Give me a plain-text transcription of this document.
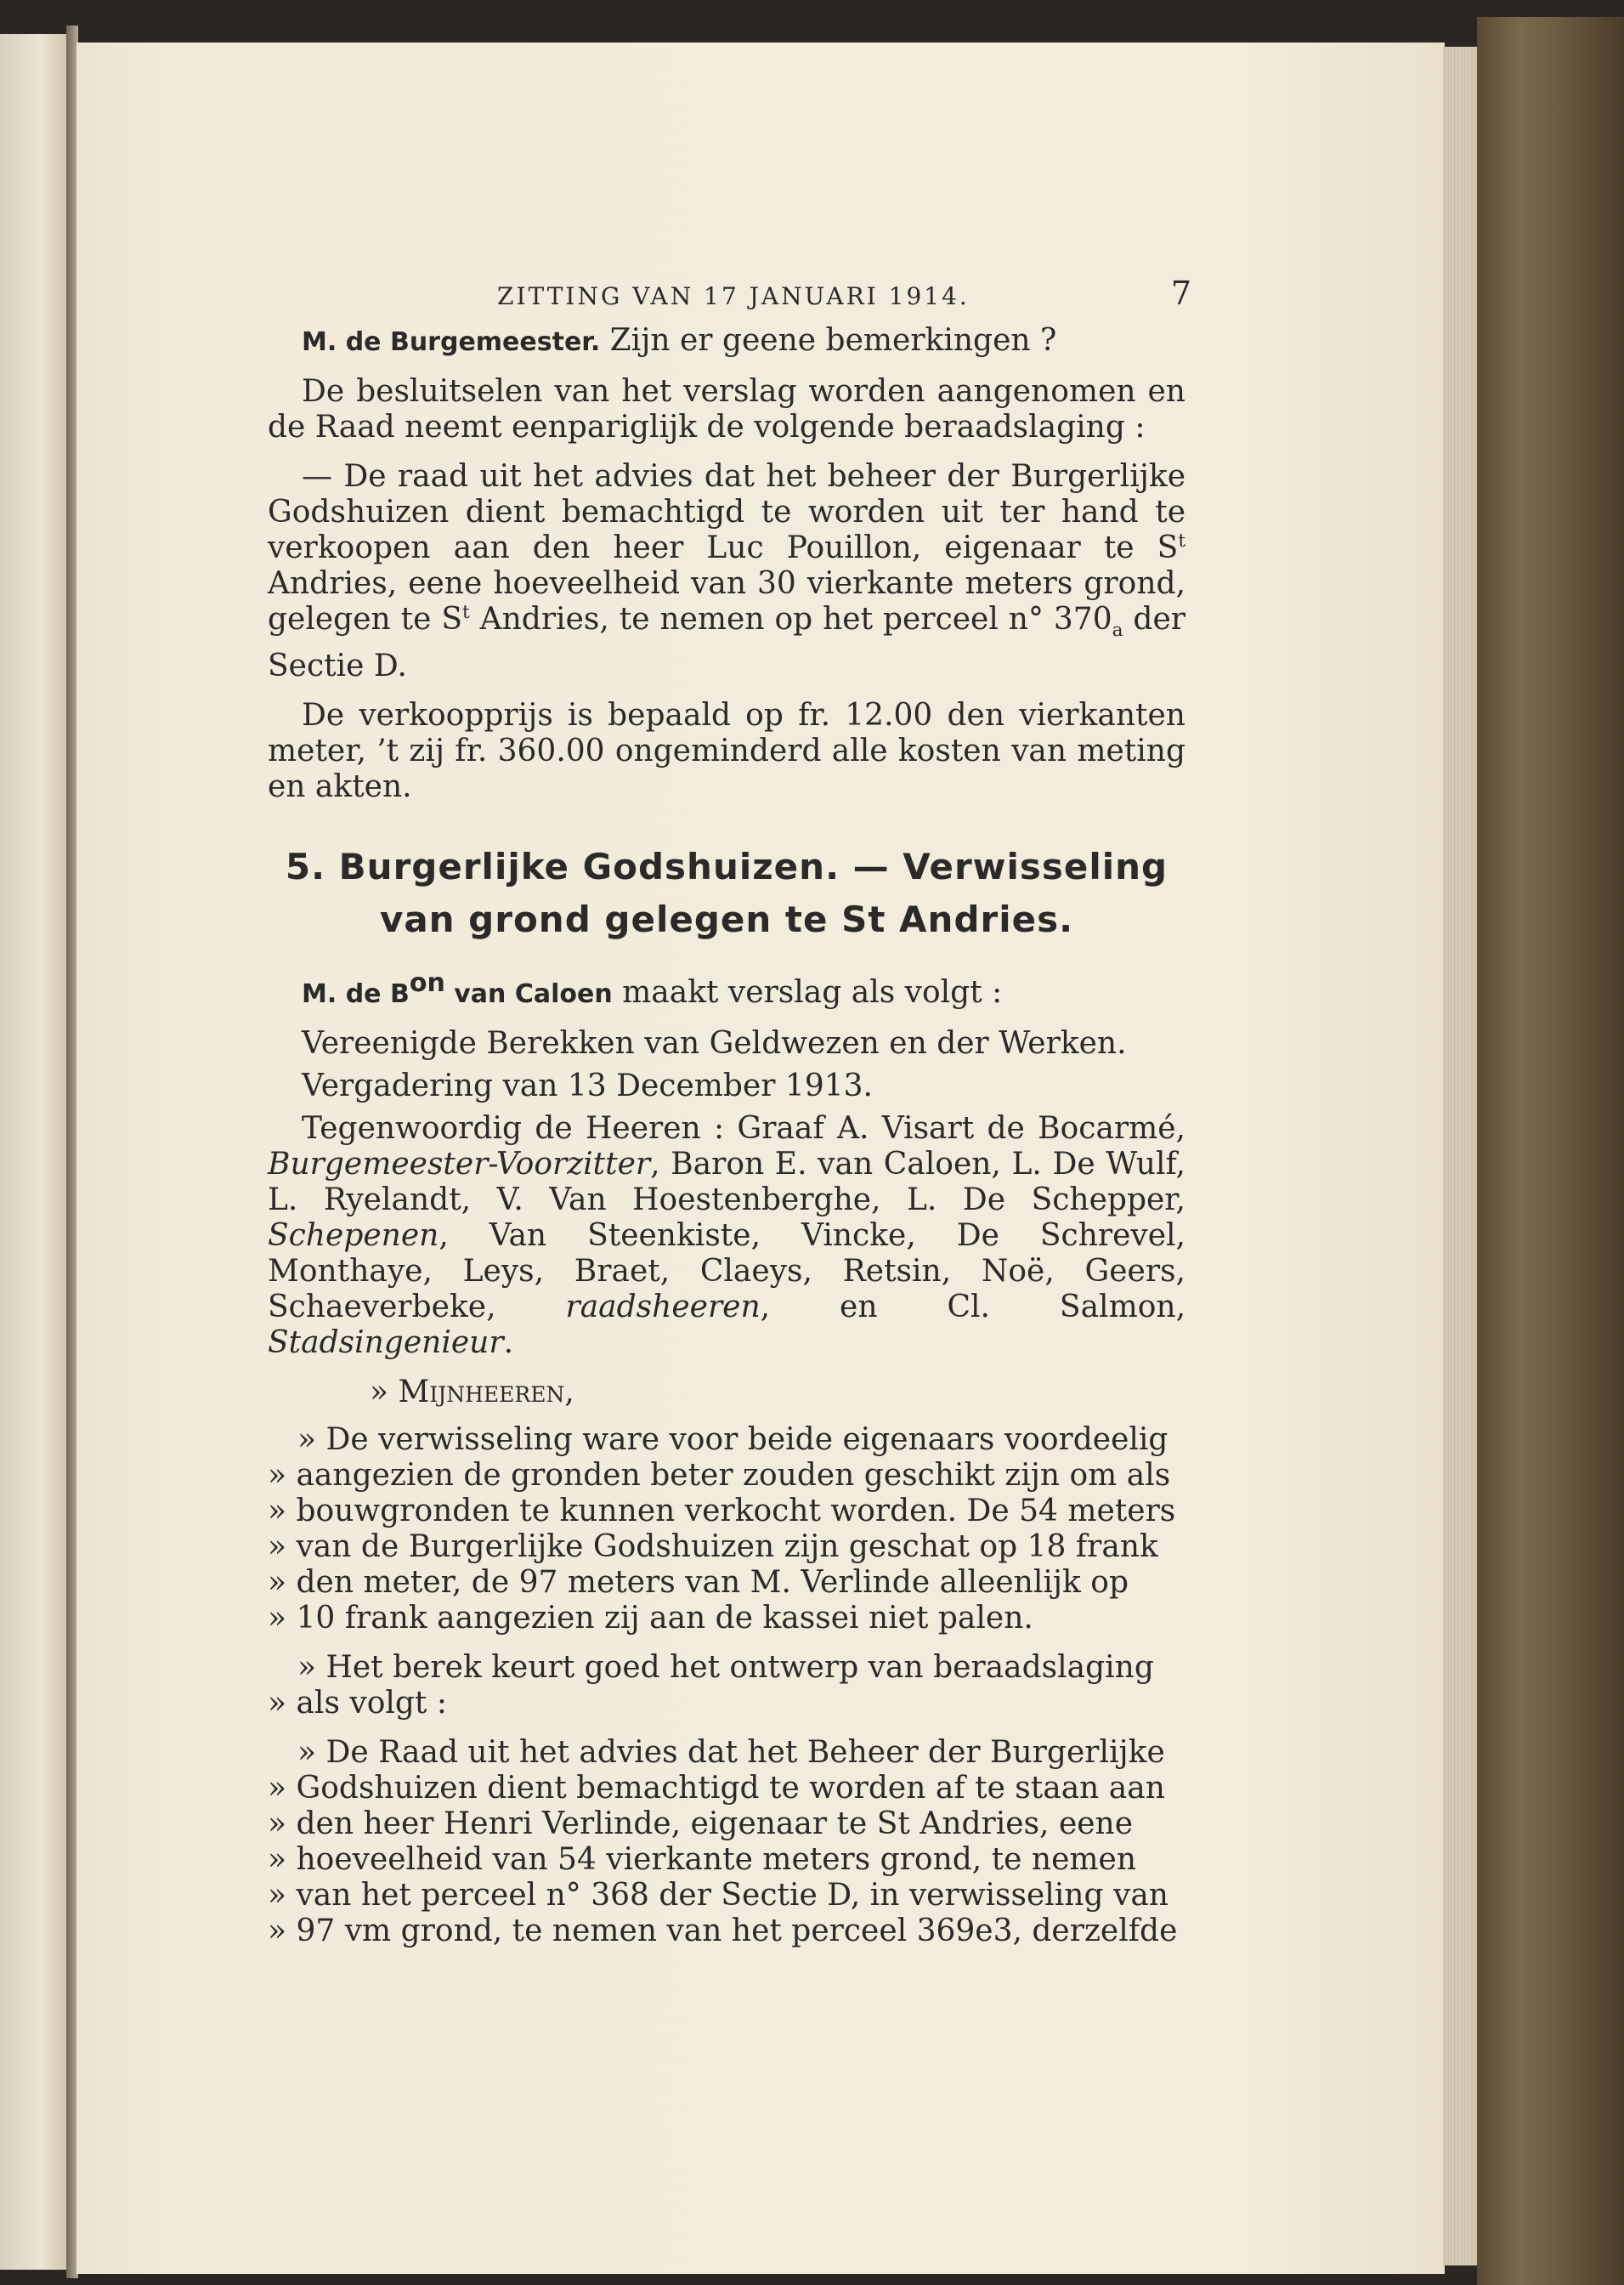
ZITTING VAN 17 JANUARI 1914.	7

M. de Burgemeester. Zijn er geene bemerkingen ?

De besluitselen van het verslag worden aangenomen en de Raad neemt eenpariglijk de volgende beraadslaging :

— De raad uit het advies dat het beheer der Burgerlijke Godshuizen dient bemachtigd te worden uit ter hand te verkoopen aan den heer Luc Pouillon, eigenaar te $S^t$ Andries, eene hoeveelheid van 30 vierkante meters grond, gelegen te $S^t$ Andries, te nemen op het perceel n° $370_a$ der Sectie D.

De verkoopprijs is bepaald op fr. 12.00 den vierkanten meter, ’t zij fr. 360.00 ongeminderd alle kosten van meting en akten.

5. Burgerlijke Godshuizen. — Verwisseling
van grond gelegen te St Andries.

M. de $B^{on}$ van Caloen maakt verslag als volgt :

Vereenigde Berekken van Geldwezen en der Werken.

Vergadering van 13 December 1913.

Tegenwoordig de Heeren : Graaf A. Visart de Bocarmé, Burgemeester-Voorzitter, Baron E. van Caloen, L. De Wulf, L. Ryelandt, V. Van Hoestenberghe, L. De Schepper, Schepenen, Van Steenkiste, Vincke, De Schrevel, Monthaye, Leys, Braet, Claeys, Retsin, Noë, Geers, Schaeverbeke, raadsheeren, en Cl. Salmon, Stadsingenieur.

» Mijnheeren,

» De verwisseling ware voor beide eigenaars voordeelig
» aangezien de gronden beter zouden geschikt zijn om als
» bouwgronden te kunnen verkocht worden. De 54 meters
» van de Burgerlijke Godshuizen zijn geschat op 18 frank
» den meter, de 97 meters van M. Verlinde alleenlijk op
» 10 frank aangezien zij aan de kassei niet palen.
» Het berek keurt goed het ontwerp van beraadslaging
» als volgt :
» De Raad uit het advies dat het Beheer der Burgerlijke
» Godshuizen dient bemachtigd te worden af te staan aan
» den heer Henri Verlinde, eigenaar te St Andries, eene
» hoeveelheid van 54 vierkante meters grond, te nemen
» van het perceel n° 368 der Sectie D, in verwisseling van
» 97 vm grond, te nemen van het perceel 369e3, derzelfde
